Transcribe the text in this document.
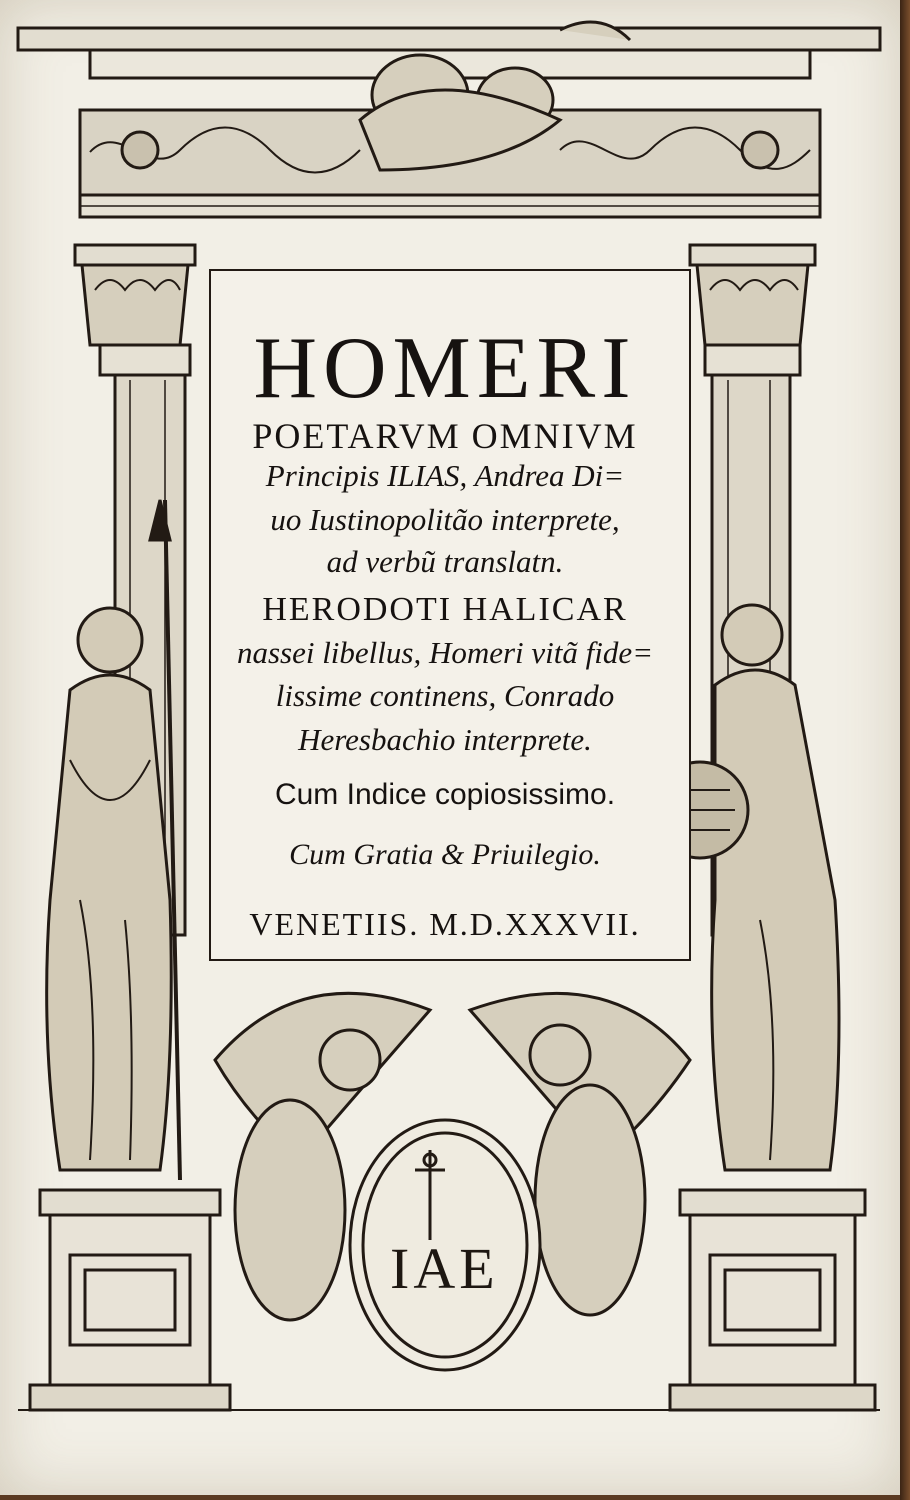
HOMERI
POETARVM OMNIVM
Principis ILIAS, Andrea Di=
uo Iustinopolitão interprete,
ad verbũ translatn.
HERODOTI HALICAR
nassei libellus, Homeri vitã fide=
lissime continens, Conrado
Heresbachio interprete.
Cum Indice copiosissimo.
Cum Gratia & Priuilegio.
VENETIIS. M.D.XXXVII.
IAE
